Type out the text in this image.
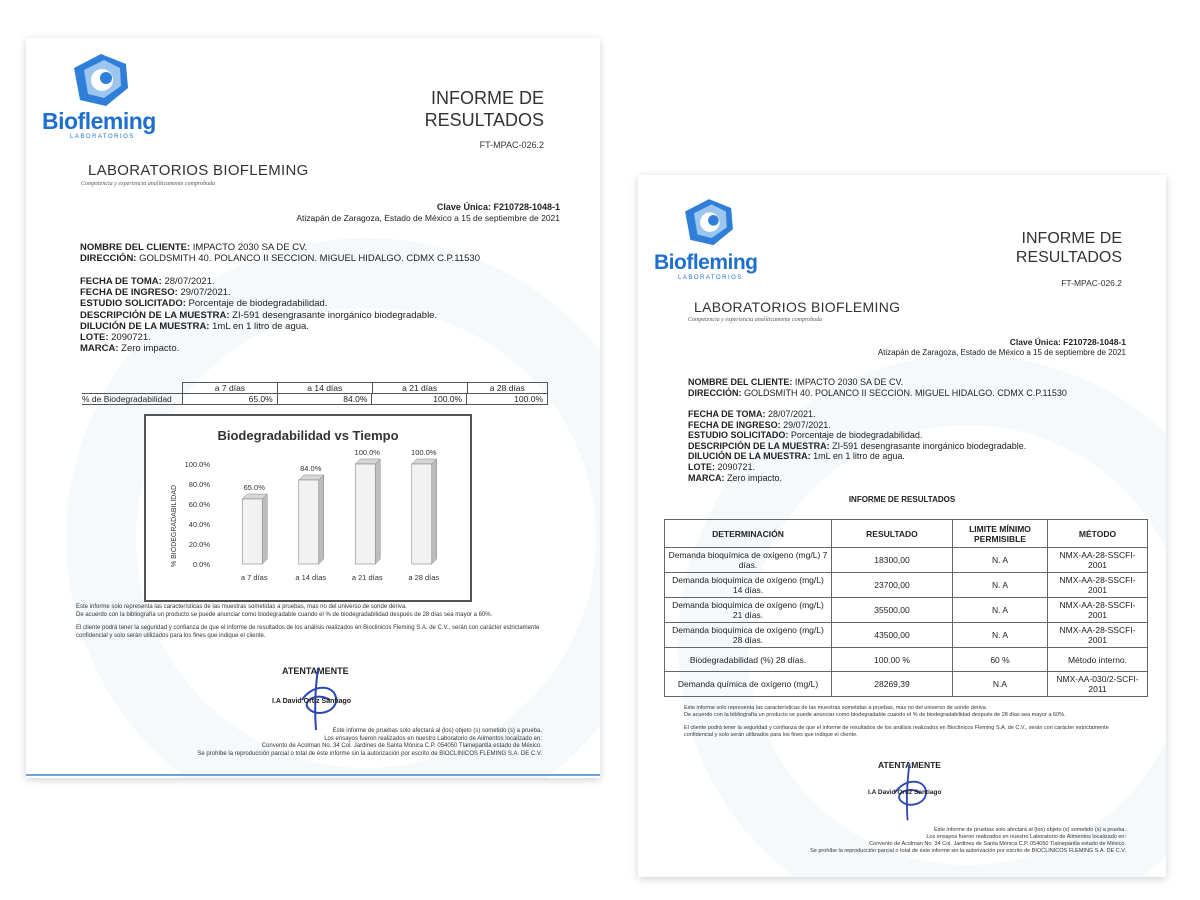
Biofleming
LABORATORIOS
INFORME DE
RESULTADOS
FT-MPAC-026.2
LABORATORIOS BIOFLEMING
Competencia y experiencia analíticamente comprobada
Clave Única: F210728-1048-1
Atizapán de Zaragoza, Estado de México a 15 de septiembre de 2021
NOMBRE DEL CLIENTE: IMPACTO 2030 SA DE CV.
DIRECCIÓN: GOLDSMITH 40. POLANCO II SECCION. MIGUEL HIDALGO. CDMX C.P.11530
FECHA DE TOMA: 28/07/2021.
FECHA DE INGRESO: 29/07/2021.
ESTUDIO SOLICITADO: Porcentaje de biodegradabilidad.
DESCRIPCIÓN DE LA MUESTRA: ZI-591 desengrasante inorgánico biodegradable.
DILUCIÓN DE LA MUESTRA: 1mL en 1 litro de agua.
LOTE: 2090721.
MARCA: Zero impacto.
a 7 días	a 14 días	a 21 días	a 28 días
% de Biodegradabilidad	65.0%	84.0%	100.0%	100.0%
Biodegradabilidad vs Tiempo
% BIODEGRADABILIDAD 0.0%
20.0%
40.0%
60.0%
80.0%
100.0%
65.0%
84.0%
100.0%	100.0%
a 7 días	a 14 días	a 21 días	a 28 días
Este informe solo representa las características de las muestras sometidas a pruebas, mas no del universo de sonde deriva.
De acuerdo con la bibliografía un producto se puede anunciar como biodegradable cuando el % de biodegradabilidad después de 28 días sea mayor a 60%.
El cliente podrá tener la seguridad y confianza de que el informe de resultados de los análisis realizados en Bioclinicos Fleming S.A. de C.V., serán con carácter estrictamente confidencial y solo serán utilizados para los fines que indique el cliente.
ATENTAMENTE
I.A David Ortiz Santiago
Este informe de pruebas solo afectará al (los) objeto (s) sometido (s) a prueba.
Los ensayos fueron realizados en nuestro Laboratorio de Alimentos localizado en:
Convento de Acolman No. 34 Col. Jardines de Santa Mónica C.P. 054050 Tlalnepantla estado de México.
Se prohíbe la reproducción parcial o total de éste informe sin la autorización por escrito de BIOCLINICOS FLEMING S.A. DE C.V.
Biofleming
LABORATORIOS
INFORME DE
RESULTADOS
FT-MPAC-026.2
LABORATORIOS BIOFLEMING
Competencia y experiencia analíticamente comprobada
Clave Única: F210728-1048-1
Atizapán de Zaragoza, Estado de México a 15 de septiembre de 2021
NOMBRE DEL CLIENTE: IMPACTO 2030 SA DE CV.
DIRECCIÓN: GOLDSMITH 40. POLANCO II SECCION. MIGUEL HIDALGO. CDMX C.P.11530
FECHA DE TOMA: 28/07/2021.
FECHA DE INGRESO: 29/07/2021.
ESTUDIO SOLICITADO: Porcentaje de biodegradabilidad.
DESCRIPCIÓN DE LA MUESTRA: ZI-591 desengrasante inorgánico biodegradable.
DILUCIÓN DE LA MUESTRA: 1mL en 1 litro de agua.
LOTE: 2090721.
MARCA: Zero impacto.
INFORME DE RESULTADOS
DETERMINACIÓN	RESULTADO	LIMITE MÍNIMO PERMISIBLE	MÉTODO
Demanda bioquímica de oxígeno (mg/L) 7 días.	18300,00	N. A	NMX-AA-28-SSCFI-2001
Demanda bioquímica de oxígeno (mg/L) 14 días.	23700,00	N. A	NMX-AA-28-SSCFI-2001
Demanda bioquímica de oxígeno (mg/L) 21 días.	35500,00	N. A	NMX-AA-28-SSCFI-2001
Demanda bioquímica de oxígeno (mg/L) 28 días.	43500,00	N. A	NMX-AA-28-SSCFI-2001
Biodegradabilidad (%) 28 días.	100.00 %	60 %	Método interno.
Demanda química de oxígeno (mg/L)	28269,39	N.A	NMX-AA-030/2-SCFI-2011
Este informe solo representa las características de las muestras sometidas a pruebas, mas no del universo de sonde deriva.
De acuerdo con la bibliografía un producto se puede anunciar como biodegradable cuando el % de biodegradabilidad después de 28 días sea mayor a 60%.
El cliente podrá tener la seguridad y confianza de que el informe de resultados de los análisis realizados en Bioclinicos Fleming S.A. de C.V., serán con carácter estrictamente confidencial y solo serán utilizados para los fines que indique el cliente.
ATENTAMENTE
I.A David Ortiz Santiago
Este informe de pruebas solo afectará al (los) objeto (s) sometido (s) a prueba.
Los ensayos fueron realizados en nuestro Laboratorio de Alimentos localizado en:
Convento de Acolman No. 34 Col. Jardines de Santa Mónica C.P. 054050 Tlalnepantla estado de México.
Se prohíbe la reproducción parcial o total de éste informe sin la autorización por escrito de BIOCLINICOS FLEMING S.A. DE C.V.
